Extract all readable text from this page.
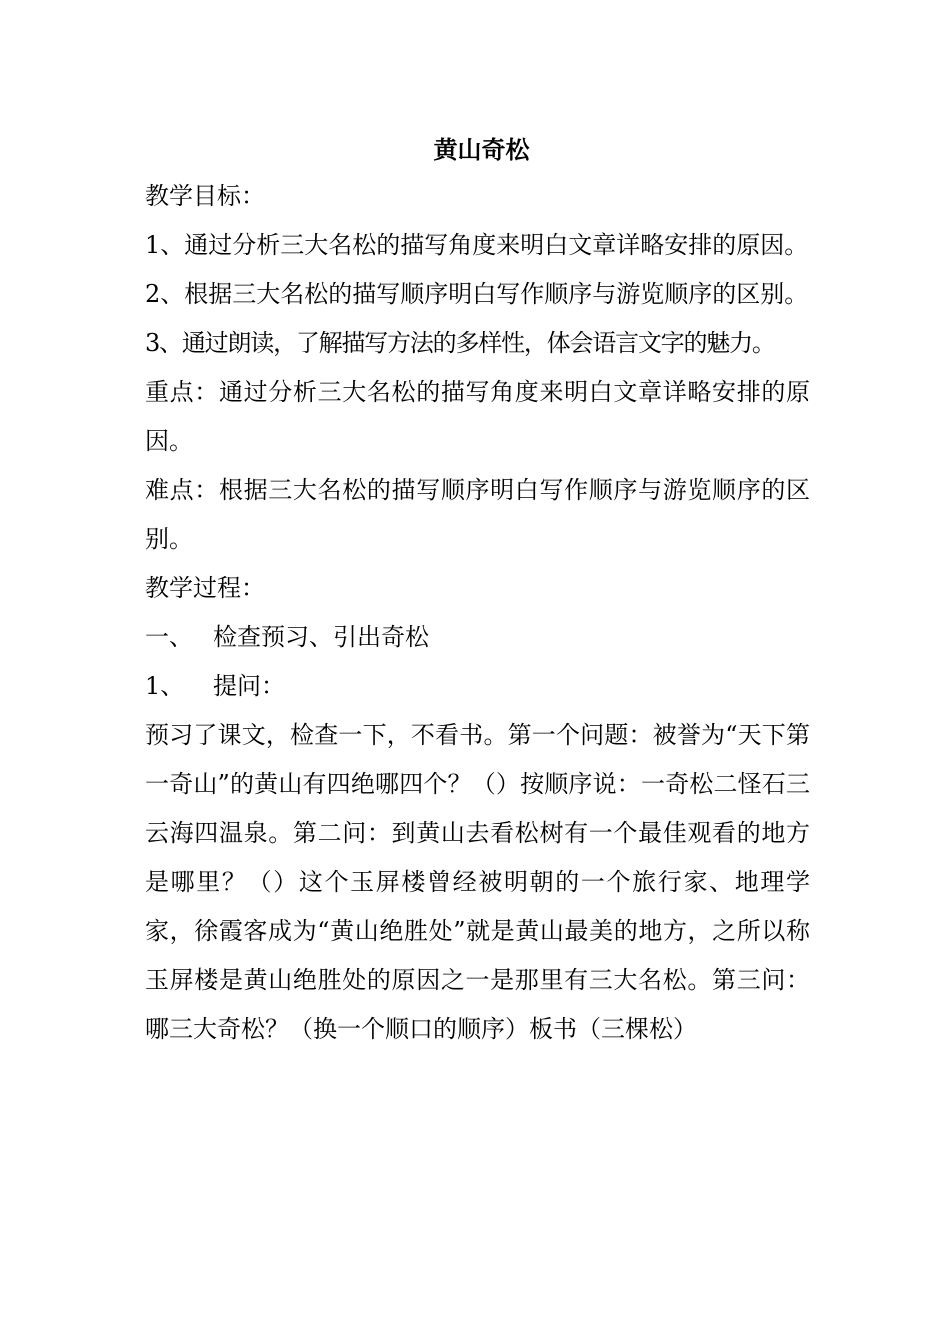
黄山奇松

教学目标：

1、通过分析三大名松的描写角度来明白文章详略安排的原因。

2、根据三大名松的描写顺序明白写作顺序与游览顺序的区别。

3、通过朗读，了解描写方法的多样性，体会语言文字的魅力。

重点：通过分析三大名松的描写角度来明白文章详略安排的原因。

难点：根据三大名松的描写顺序明白写作顺序与游览顺序的区别。

教学过程：

一、 检查预习、引出奇松
1、	提问：

预习了课文，检查一下，不看书。第一个问题：被誉为“天下第一奇山”的黄山有四绝哪四个？（）按顺序说：一奇松二怪石三云海四温泉。第二问：到黄山去看松树有一个最佳观看的地方是哪里？（）这个玉屏楼曾经被明朝的一个旅行家、地理学家，徐霞客成为“黄山绝胜处”就是黄山最美的地方，之所以称玉屏楼是黄山绝胜处的原因之一是那里有三大名松。第三问：哪三大奇松？（换一个顺口的顺序）板书（三棵松）
